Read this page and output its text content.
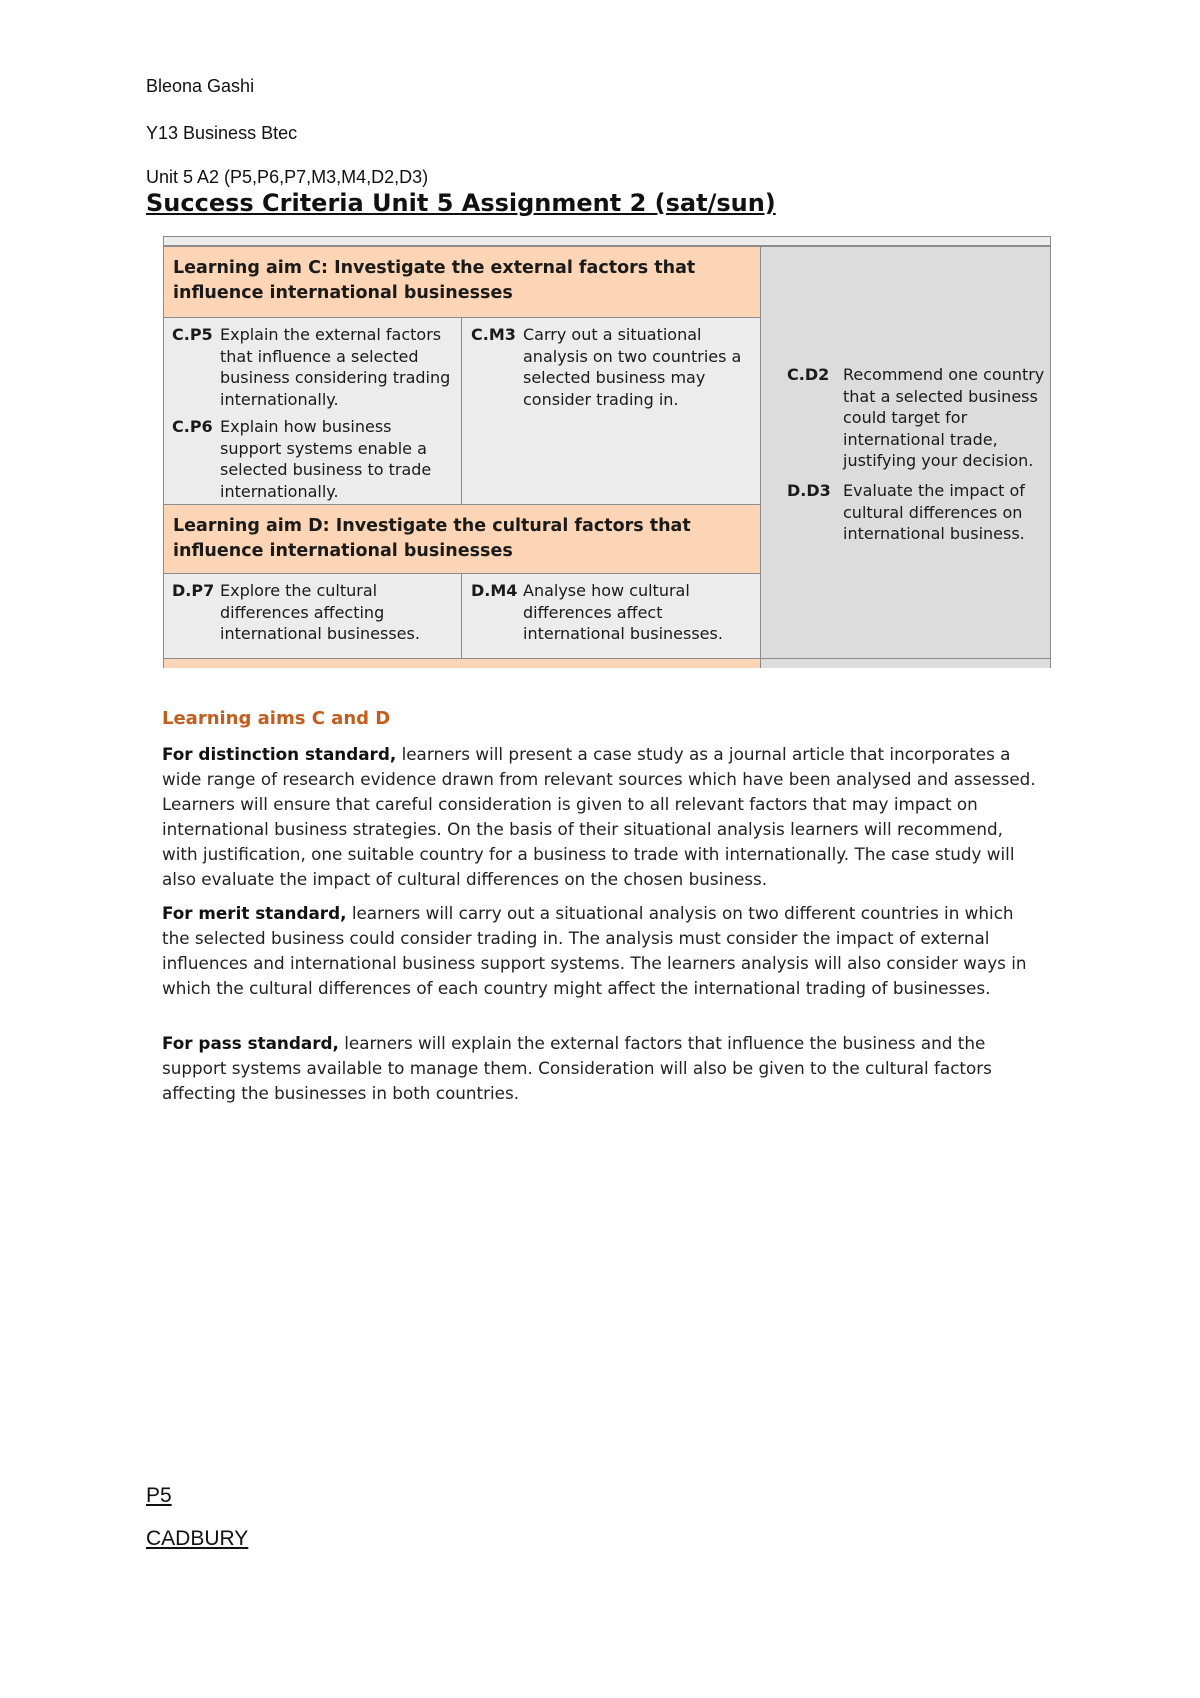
Bleona Gashi
Y13 Business Btec
Unit 5 A2 (P5,P6,P7,M3,M4,D2,D3)
Success Criteria Unit 5 Assignment 2 (sat/sun)
Learning aim C: Investigate the external factors that influence international businesses
C.D2 Recommend one country that a selected business could target for international trade, justifying your decision.
D.D3 Evaluate the impact of cultural differences on international business.
C.P5 Explain the external factors that influence a selected business considering trading internationally.
C.P6 Explain how business support systems enable a selected business to trade internationally.
C.M3 Carry out a situational analysis on two countries a selected business may consider trading in.
Learning aim D: Investigate the cultural factors that influence international businesses
D.P7 Explore the cultural differences affecting international businesses.
D.M4 Analyse how cultural differences affect international businesses.
Learning aims C and D
For distinction standard, learners will present a case study as a journal article that incorporates a wide range of research evidence drawn from relevant sources which have been analysed and assessed. Learners will ensure that careful consideration is given to all relevant factors that may impact on international business strategies. On the basis of their situational analysis learners will recommend, with justification, one suitable country for a business to trade with internationally. The case study will also evaluate the impact of cultural differences on the chosen business.
For merit standard, learners will carry out a situational analysis on two different countries in which the selected business could consider trading in. The analysis must consider the impact of external influences and international business support systems. The learners analysis will also consider ways in which the cultural differences of each country might affect the international trading of businesses.
For pass standard, learners will explain the external factors that influence the business and the support systems available to manage them. Consideration will also be given to the cultural factors affecting the businesses in both countries.
P5
CADBURY
